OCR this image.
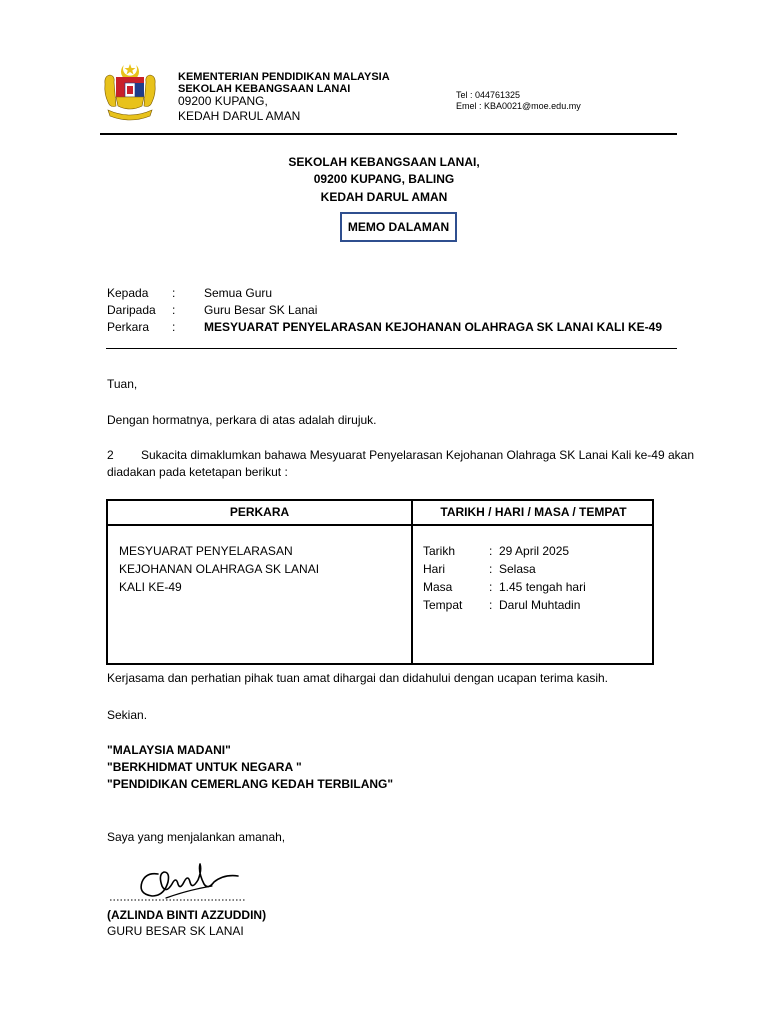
KEMENTERIAN PENDIDIKAN MALAYSIA
SEKOLAH KEBANGSAAN LANAI
09200 KUPANG,
KEDAH DARUL AMAN
Tel : 044761325
Emel : KBA0021@moe.edu.my
SEKOLAH KEBANGSAAN LANAI,
09200 KUPANG, BALING
KEDAH DARUL AMAN
MEMO DALAMAN
Kepada : Semua Guru
Daripada : Guru Besar SK Lanai
Perkara : MESYUARAT PENYELARASAN KEJOHANAN OLAHRAGA SK LANAI KALI KE-49
Tuan,
Dengan hormatnya, perkara di atas adalah dirujuk.
2 Sukacita dimaklumkan bahawa Mesyuarat Penyelarasan Kejohanan Olahraga SK Lanai Kali ke-49 akan
diadakan pada ketetapan berikut :
PERKARA	TARIKH / HARI / MASA / TEMPAT
MESYUARAT PENYELARASAN
KEJOHANAN OLAHRAGA SK LANAI
KALI KE-49
Tarikh	: 29 April 2025
Hari	: Selasa
Masa	: 1.45 tengah hari
Tempat : Darul Muhtadin
Kerjasama dan perhatian pihak tuan amat dihargai dan didahului dengan ucapan terima kasih.
Sekian.
"MALAYSIA MADANI"
"BERKHIDMAT UNTUK NEGARA "
"PENDIDIKAN CEMERLANG KEDAH TERBILANG"
Saya yang menjalankan amanah,
(AZLINDA BINTI AZZUDDIN)
GURU BESAR SK LANAI
